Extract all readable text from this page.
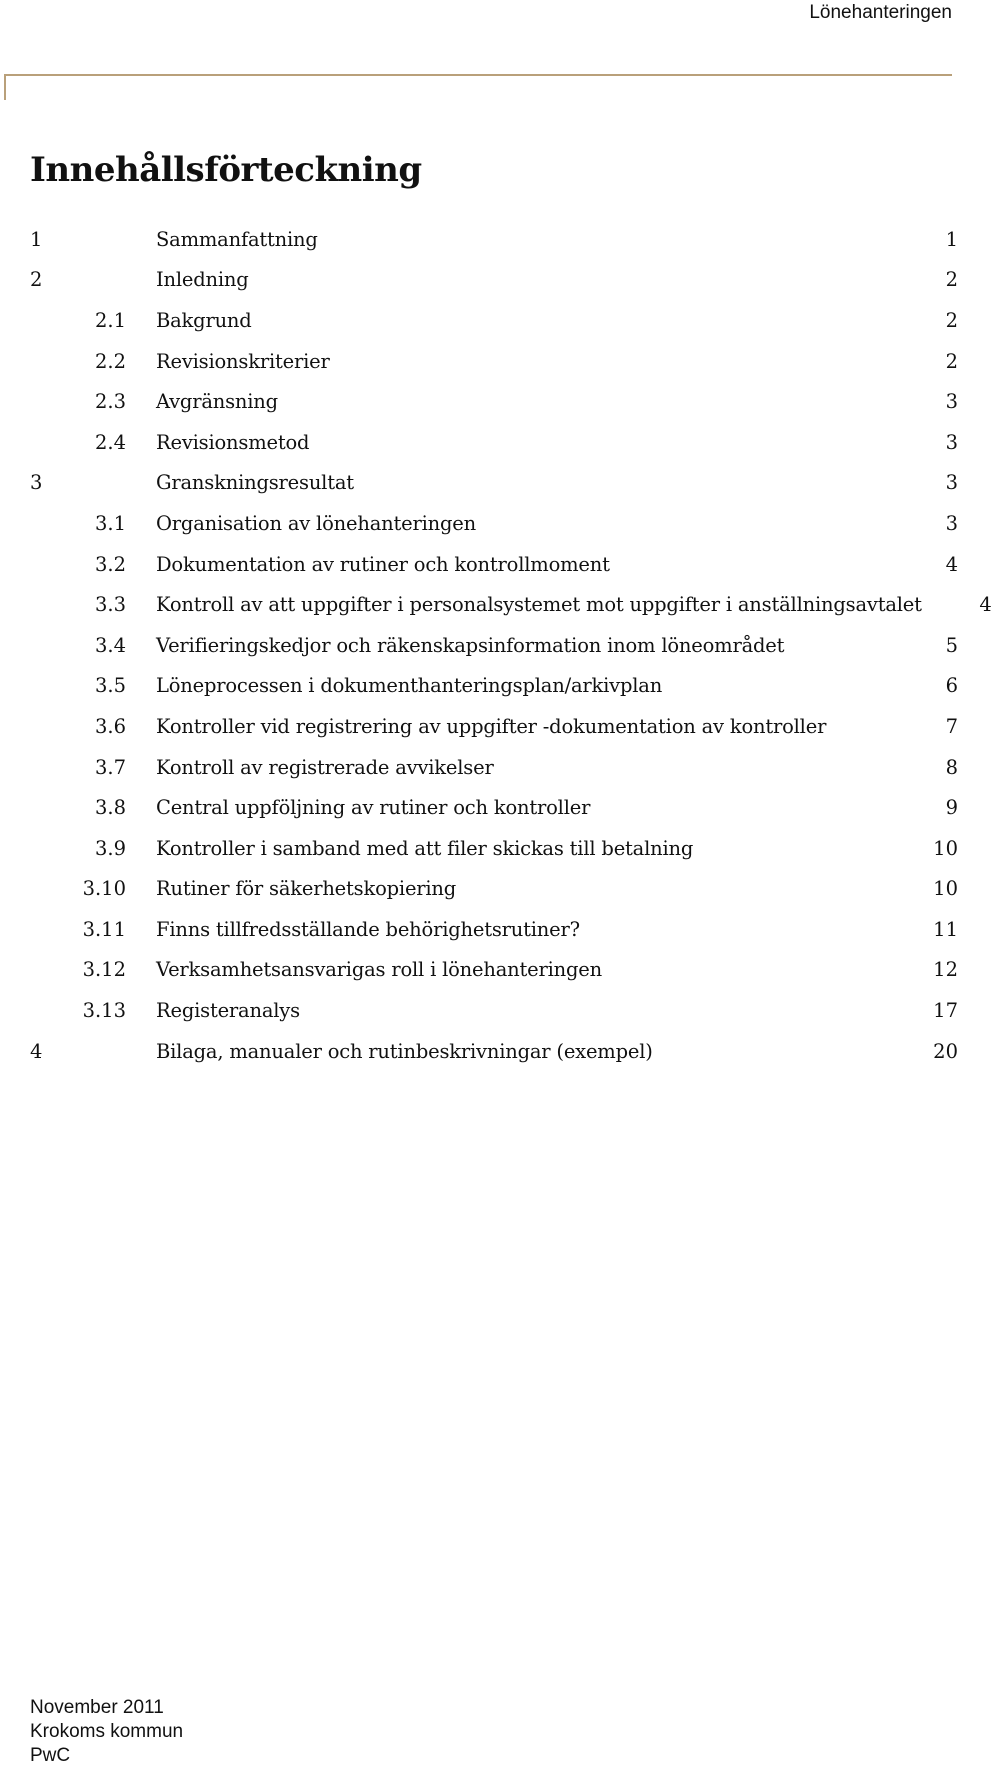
Lönehanteringen
Innehållsförteckning
1	Sammanfattning	1
2	Inledning	2
2.1 Bakgrund	2
2.2 Revisionskriterier	2
2.3 Avgränsning	3
2.4 Revisionsmetod	3
3	Granskningsresultat	3
3.1 Organisation av lönehanteringen	3
3.2 Dokumentation av rutiner och kontrollmoment	4
3.3 Kontroll av att uppgifter i personalsystemet mot uppgifter i anställningsavtalet	4
3.4 Verifieringskedjor och räkenskapsinformation inom löneområdet	5
3.5 Löneprocessen i dokumenthanteringsplan/arkivplan	6
3.6 Kontroller vid registrering av uppgifter -dokumentation av kontroller	7
3.7 Kontroll av registrerade avvikelser	8
3.8 Central uppföljning av rutiner och kontroller	9
3.9 Kontroller i samband med att filer skickas till betalning	10
3.10 Rutiner för säkerhetskopiering	10
3.11 Finns tillfredsställande behörighetsrutiner?	11
3.12 Verksamhetsansvarigas roll i lönehanteringen	12
3.13 Registeranalys	17
4	Bilaga, manualer och rutinbeskrivningar (exempel)	20
November 2011
Krokoms kommun
PwC
